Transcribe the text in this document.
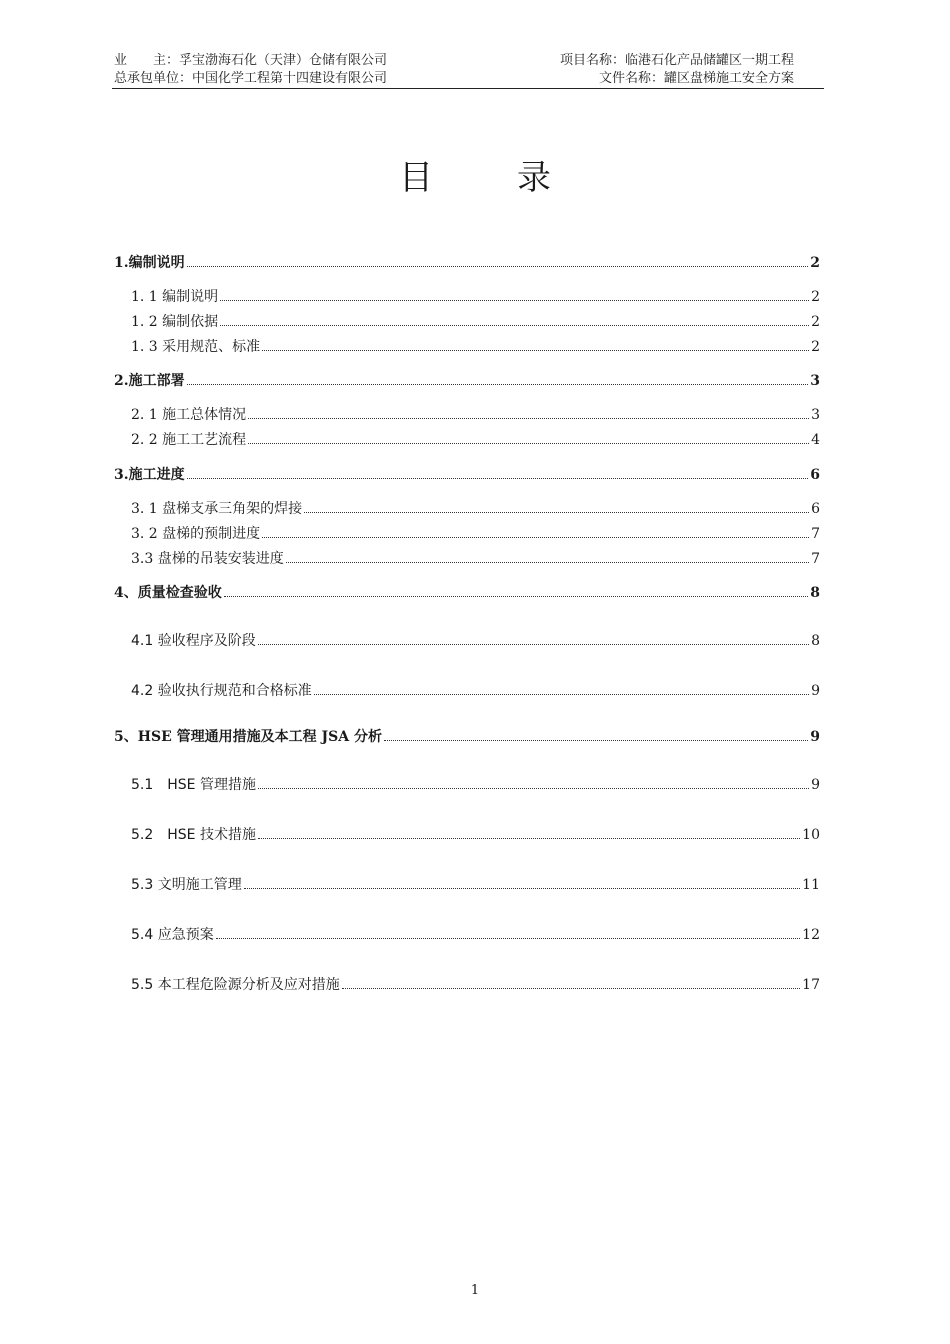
业　　主：孚宝渤海石化（天津）仓储有限公司	项目名称：临港石化产品储罐区一期工程
总承包单位：中国化学工程第十四建设有限公司	文件名称：罐区盘梯施工安全方案
目 录
1.编制说明	2
1. 1 编制说明	2
1. 2 编制依据	2
1. 3 采用规范、标准	2
2.施工部署	3
2. 1 施工总体情况	3
2. 2 施工工艺流程	4
3.施工进度	6
3. 1 盘梯支承三角架的焊接	6
3. 2 盘梯的预制进度	7
3.3 盘梯的吊装安装进度	7
4、质量检查验收	8
4.1 验收程序及阶段	8
4.2 验收执行规范和合格标准	9
5、HSE 管理通用措施及本工程 JSA 分析	9
5.1　HSE 管理措施	9
5.2　HSE 技术措施	10
5.3 文明施工管理	11
5.4 应急预案	12
5.5 本工程危险源分析及应对措施	17
1
